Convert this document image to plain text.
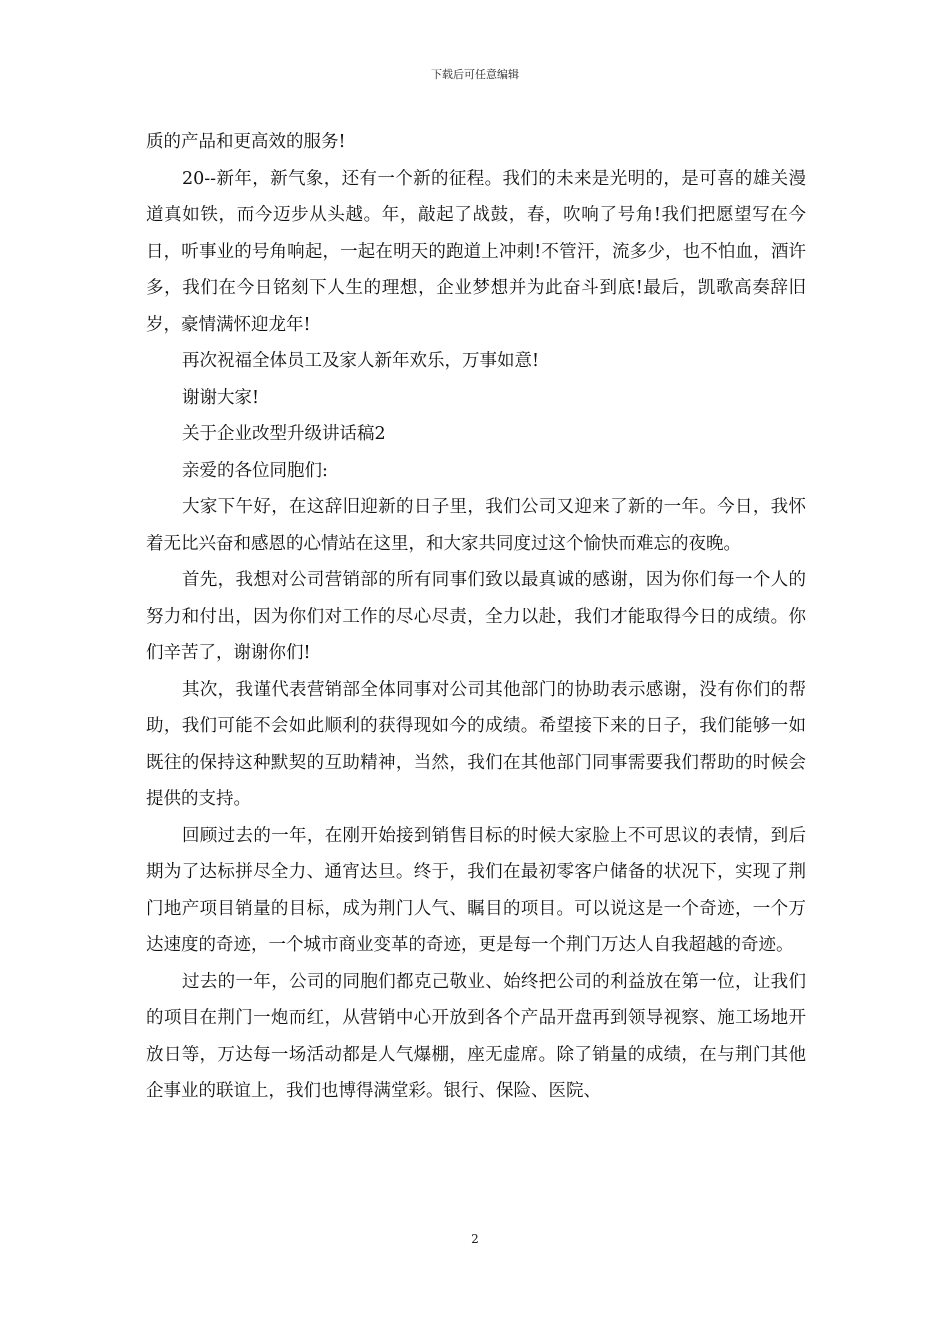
下载后可任意编辑

质的产品和更高效的服务!

20--新年，新气象，还有一个新的征程。我们的未来是光明的，是可喜的雄关漫道真如铁，而今迈步从头越。年，敲起了战鼓，春，吹响了号角!我们把愿望写在今日，听事业的号角响起，一起在明天的跑道上冲刺!不管汗，流多少，也不怕血，酒许多，我们在今日铭刻下人生的理想，企业梦想并为此奋斗到底!最后，凯歌高奏辞旧岁，豪情满怀迎龙年!

再次祝福全体员工及家人新年欢乐，万事如意!

谢谢大家!

关于企业改型升级讲话稿2

亲爱的各位同胞们:

大家下午好，在这辞旧迎新的日子里，我们公司又迎来了新的一年。今日，我怀着无比兴奋和感恩的心情站在这里，和大家共同度过这个愉快而难忘的夜晚。

首先，我想对公司营销部的所有同事们致以最真诚的感谢，因为你们每一个人的努力和付出，因为你们对工作的尽心尽责，全力以赴，我们才能取得今日的成绩。你们辛苦了，谢谢你们!

其次，我谨代表营销部全体同事对公司其他部门的协助表示感谢，没有你们的帮助，我们可能不会如此顺利的获得现如今的成绩。希望接下来的日子，我们能够一如既往的保持这种默契的互助精神，当然，我们在其他部门同事需要我们帮助的时候会提供的支持。

回顾过去的一年，在刚开始接到销售目标的时候大家脸上不可思议的表情，到后期为了达标拼尽全力、通宵达旦。终于，我们在最初零客户储备的状况下，实现了荆门地产项目销量的目标，成为荆门人气、瞩目的项目。可以说这是一个奇迹，一个万达速度的奇迹，一个城市商业变革的奇迹，更是每一个荆门万达人自我超越的奇迹。

过去的一年，公司的同胞们都克己敬业、始终把公司的利益放在第一位，让我们的项目在荆门一炮而红，从营销中心开放到各个产品开盘再到领导视察、施工场地开放日等，万达每一场活动都是人气爆棚，座无虚席。除了销量的成绩，在与荆门其他企事业的联谊上，我们也博得满堂彩。银行、保险、医院、

2
